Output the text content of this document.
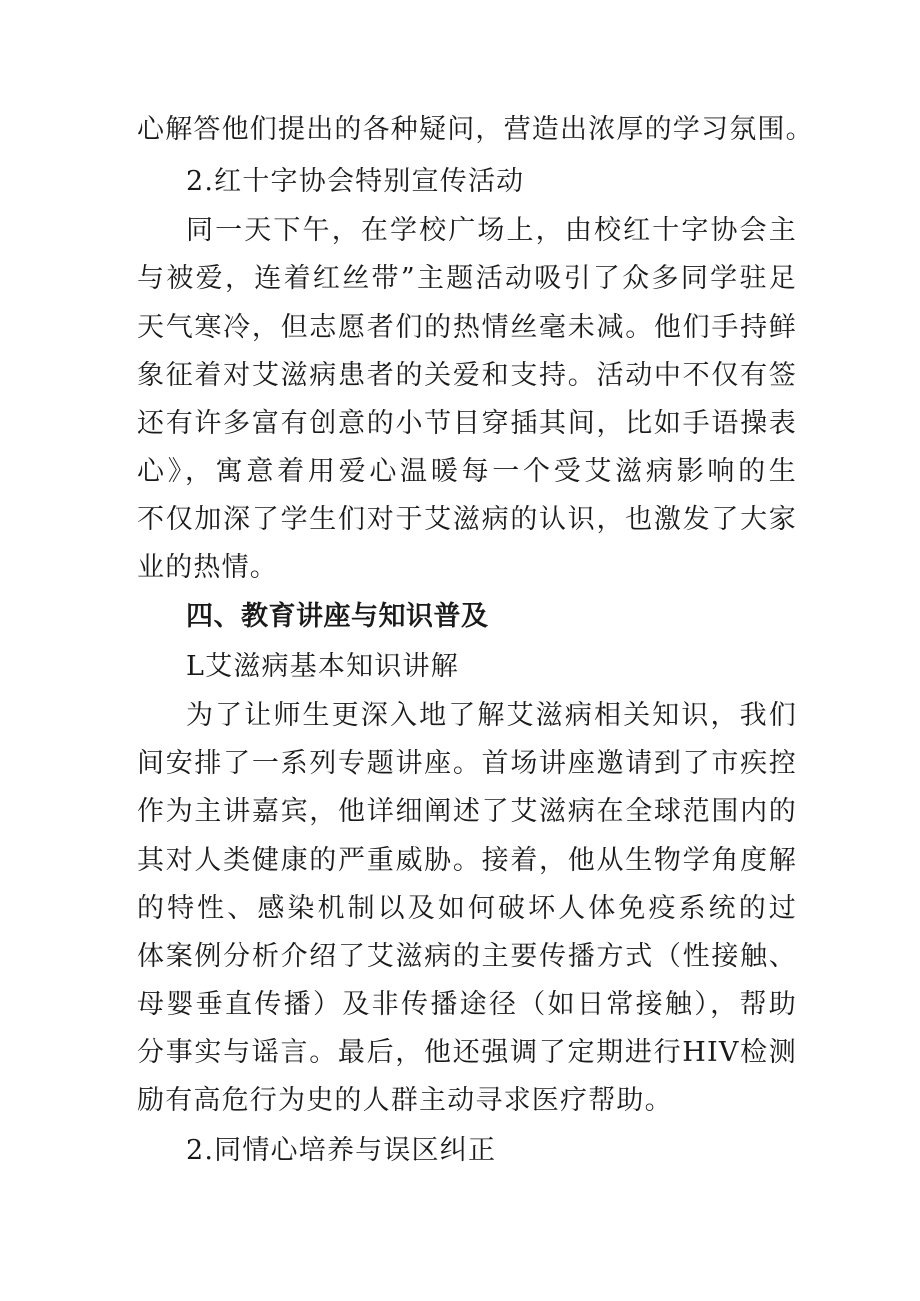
心解答他们提出的各种疑问，营造出浓厚的学习氛围。
2.红十字协会特别宣传活动
同一天下午，在学校广场上，由校红十字协会主
与被爱，连着红丝带”主题活动吸引了众多同学驻足
天气寒冷，但志愿者们的热情丝毫未减。他们手持鲜
象征着对艾滋病患者的关爱和支持。活动中不仅有签
还有许多富有创意的小节目穿插其间，比如手语操表
心》，寓意着用爱心温暖每一个受艾滋病影响的生
不仅加深了学生们对于艾滋病的认识，也激发了大家
业的热情。
四、教育讲座与知识普及
L艾滋病基本知识讲解
为了让师生更深入地了解艾滋病相关知识，我们
间安排了一系列专题讲座。首场讲座邀请到了市疾控
作为主讲嘉宾，他详细阐述了艾滋病在全球范围内的
其对人类健康的严重威胁。接着，他从生物学角度解
的特性、感染机制以及如何破坏人体免疫系统的过
体案例分析介绍了艾滋病的主要传播方式（性接触、
母婴垂直传播）及非传播途径（如日常接触），帮助
分事实与谣言。最后，他还强调了定期进行HIV检测
励有高危行为史的人群主动寻求医疗帮助。
2.同情心培养与误区纠正
